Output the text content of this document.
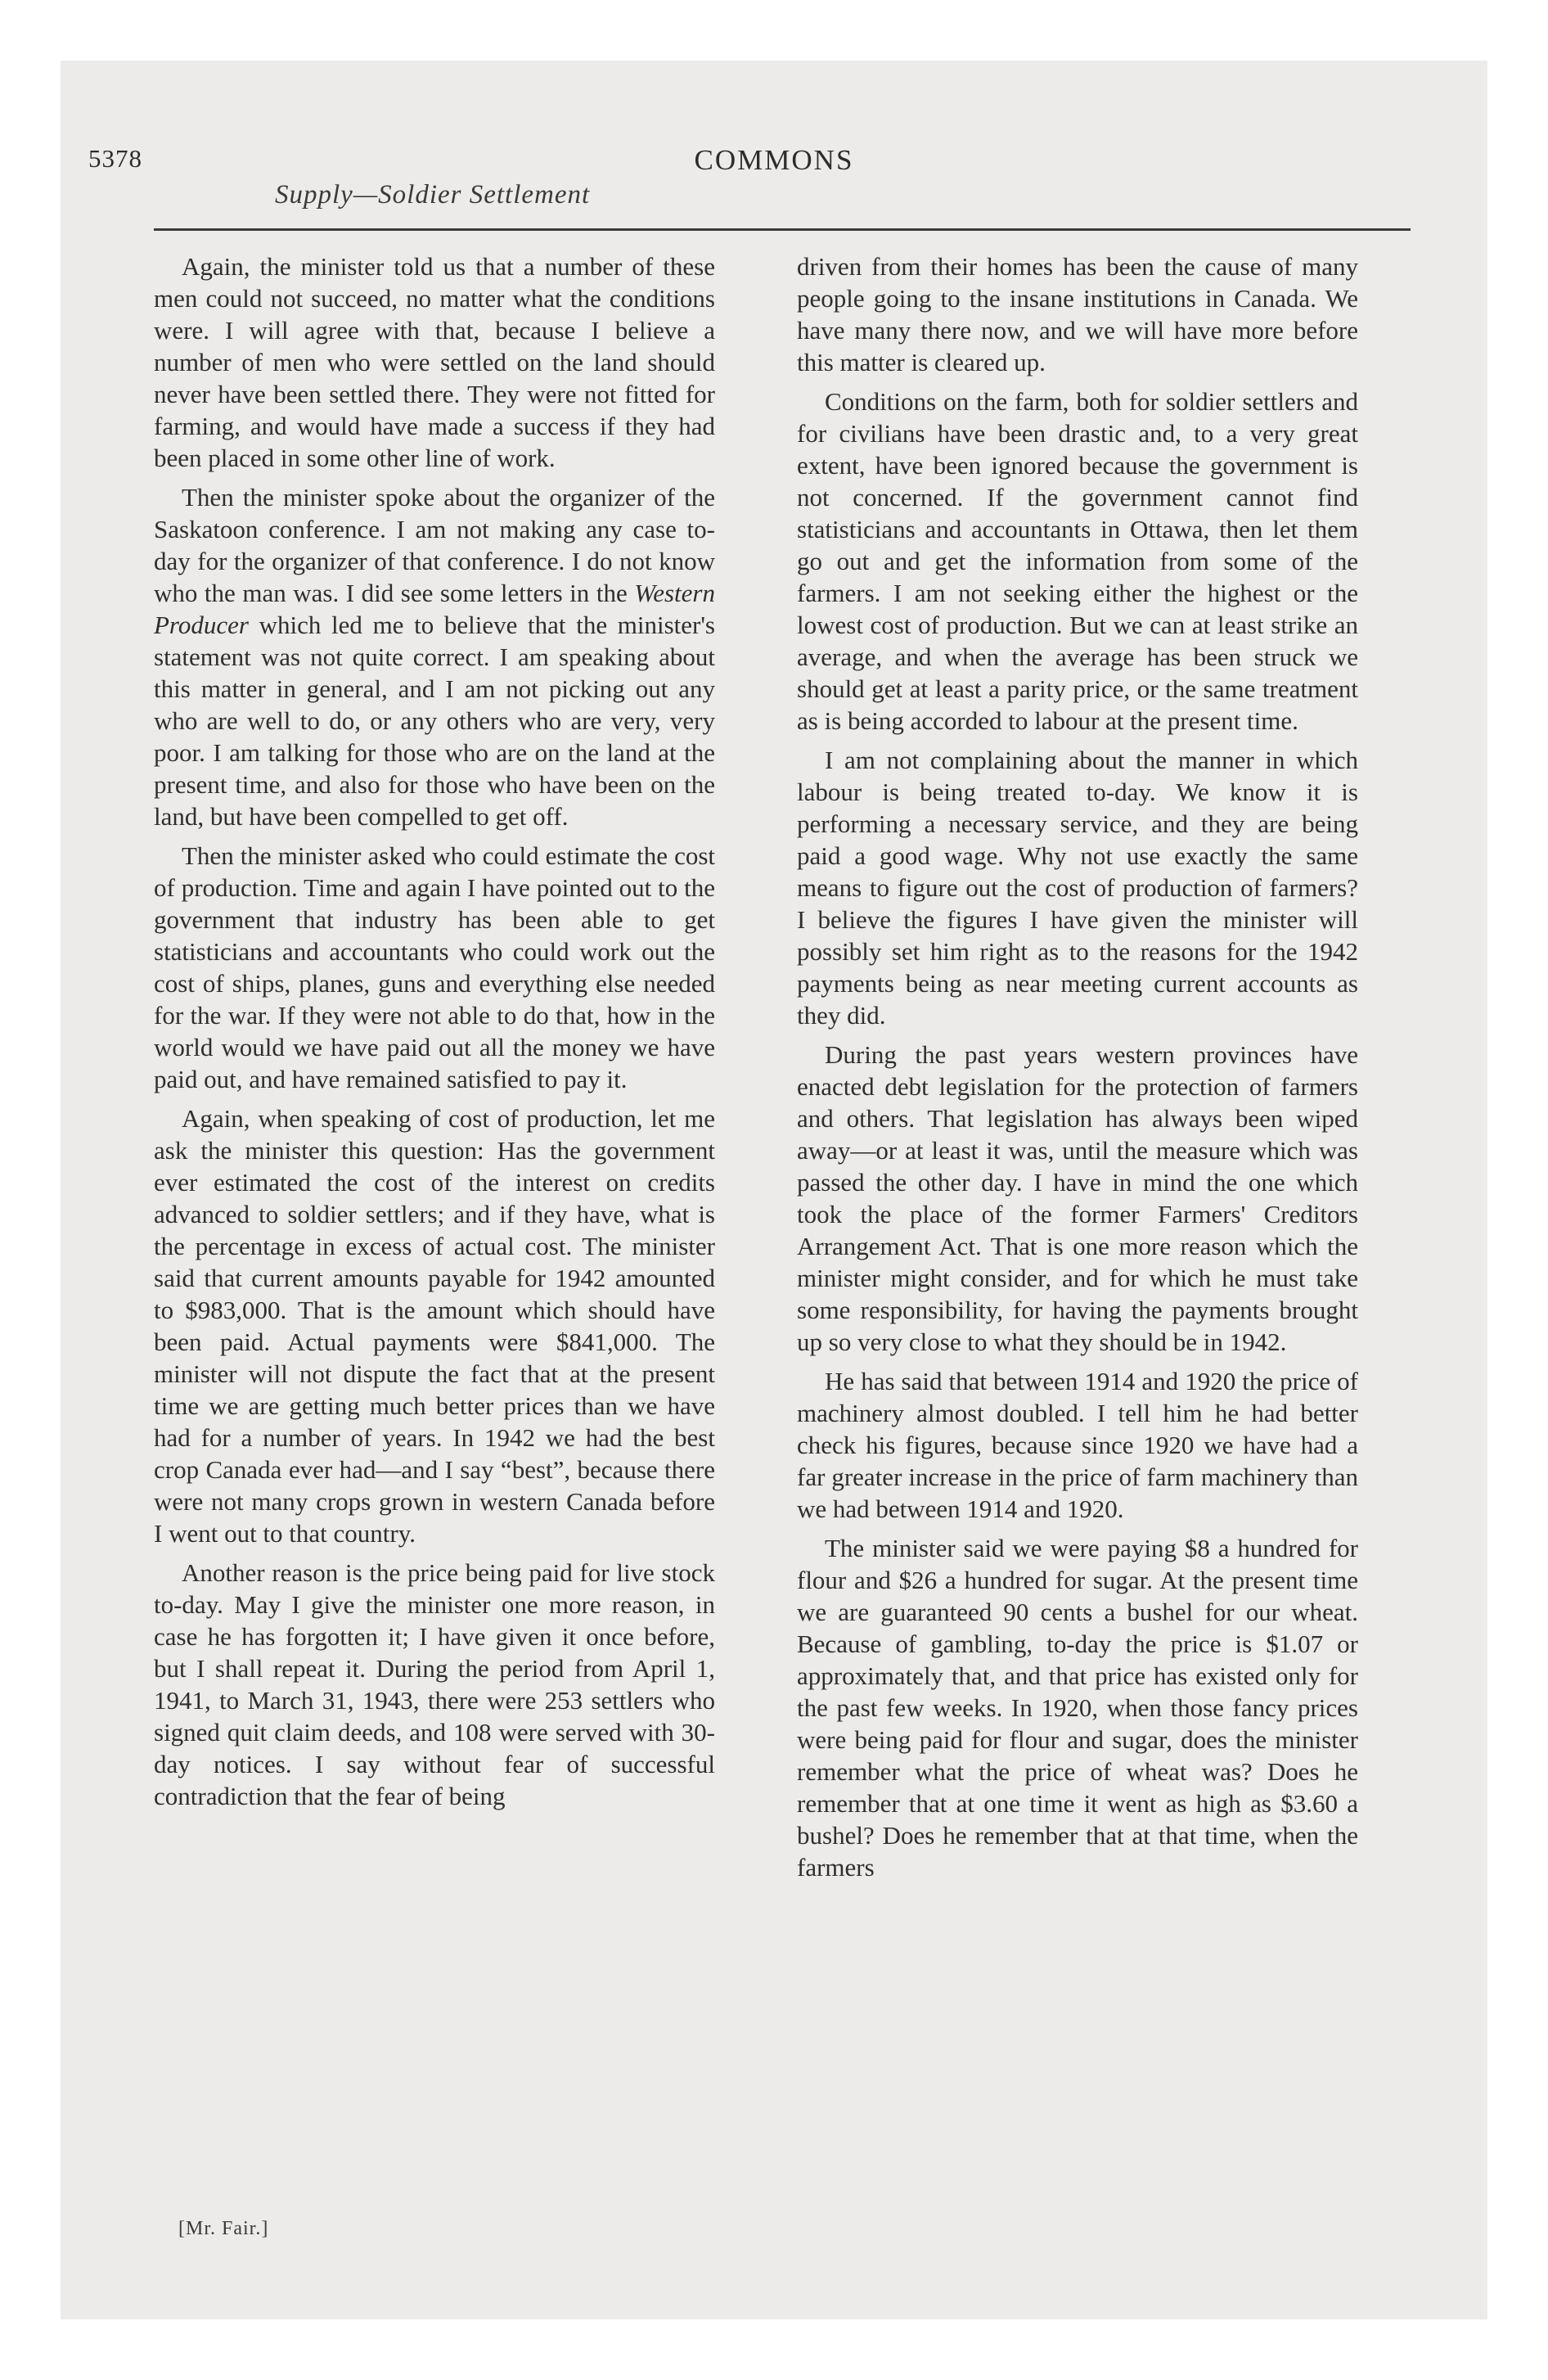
5378	COMMONS
Supply—Soldier Settlement

Again, the minister told us that a number of these men could not succeed, no matter what the conditions were. I will agree with that, because I believe a number of men who were settled on the land should never have been settled there. They were not fitted for farming, and would have made a success if they had been placed in some other line of work.

Then the minister spoke about the organizer of the Saskatoon conference. I am not making any case to-day for the organizer of that conference. I do not know who the man was. I did see some letters in the Western Producer which led me to believe that the minister's statement was not quite correct. I am speaking about this matter in general, and I am not picking out any who are well to do, or any others who are very, very poor. I am talking for those who are on the land at the present time, and also for those who have been on the land, but have been compelled to get off.

Then the minister asked who could estimate the cost of production. Time and again I have pointed out to the government that industry has been able to get statisticians and accountants who could work out the cost of ships, planes, guns and everything else needed for the war. If they were not able to do that, how in the world would we have paid out all the money we have paid out, and have remained satisfied to pay it.

Again, when speaking of cost of production, let me ask the minister this question: Has the government ever estimated the cost of the interest on credits advanced to soldier settlers; and if they have, what is the percentage in excess of actual cost. The minister said that current amounts payable for 1942 amounted to $983,000. That is the amount which should have been paid. Actual payments were $841,000. The minister will not dispute the fact that at the present time we are getting much better prices than we have had for a number of years. In 1942 we had the best crop Canada ever had—and I say “best”, because there were not many crops grown in western Canada before I went out to that country.

Another reason is the price being paid for live stock to-day. May I give the minister one more reason, in case he has forgotten it; I have given it once before, but I shall repeat it. During the period from April 1, 1941, to March 31, 1943, there were 253 settlers who signed quit claim deeds, and 108 were served with 30-day notices. I say without fear of successful contradiction that the fear of being

driven from their homes has been the cause of many people going to the insane institutions in Canada. We have many there now, and we will have more before this matter is cleared up.

Conditions on the farm, both for soldier settlers and for civilians have been drastic and, to a very great extent, have been ignored because the government is not concerned. If the government cannot find statisticians and accountants in Ottawa, then let them go out and get the information from some of the farmers. I am not seeking either the highest or the lowest cost of production. But we can at least strike an average, and when the average has been struck we should get at least a parity price, or the same treatment as is being accorded to labour at the present time.

I am not complaining about the manner in which labour is being treated to-day. We know it is performing a necessary service, and they are being paid a good wage. Why not use exactly the same means to figure out the cost of production of farmers? I believe the figures I have given the minister will possibly set him right as to the reasons for the 1942 payments being as near meeting current accounts as they did.

During the past years western provinces have enacted debt legislation for the protection of farmers and others. That legislation has always been wiped away—or at least it was, until the measure which was passed the other day. I have in mind the one which took the place of the former Farmers' Creditors Arrangement Act. That is one more reason which the minister might consider, and for which he must take some responsibility, for having the payments brought up so very close to what they should be in 1942.

He has said that between 1914 and 1920 the price of machinery almost doubled. I tell him he had better check his figures, because since 1920 we have had a far greater increase in the price of farm machinery than we had between 1914 and 1920.

The minister said we were paying $8 a hundred for flour and $26 a hundred for sugar. At the present time we are guaranteed 90 cents a bushel for our wheat. Because of gambling, to-day the price is $1.07 or approximately that, and that price has existed only for the past few weeks. In 1920, when those fancy prices were being paid for flour and sugar, does the minister remember what the price of wheat was? Does he remember that at one time it went as high as $3.60 a bushel? Does he remember that at that time, when the farmers

[Mr. Fair.]
